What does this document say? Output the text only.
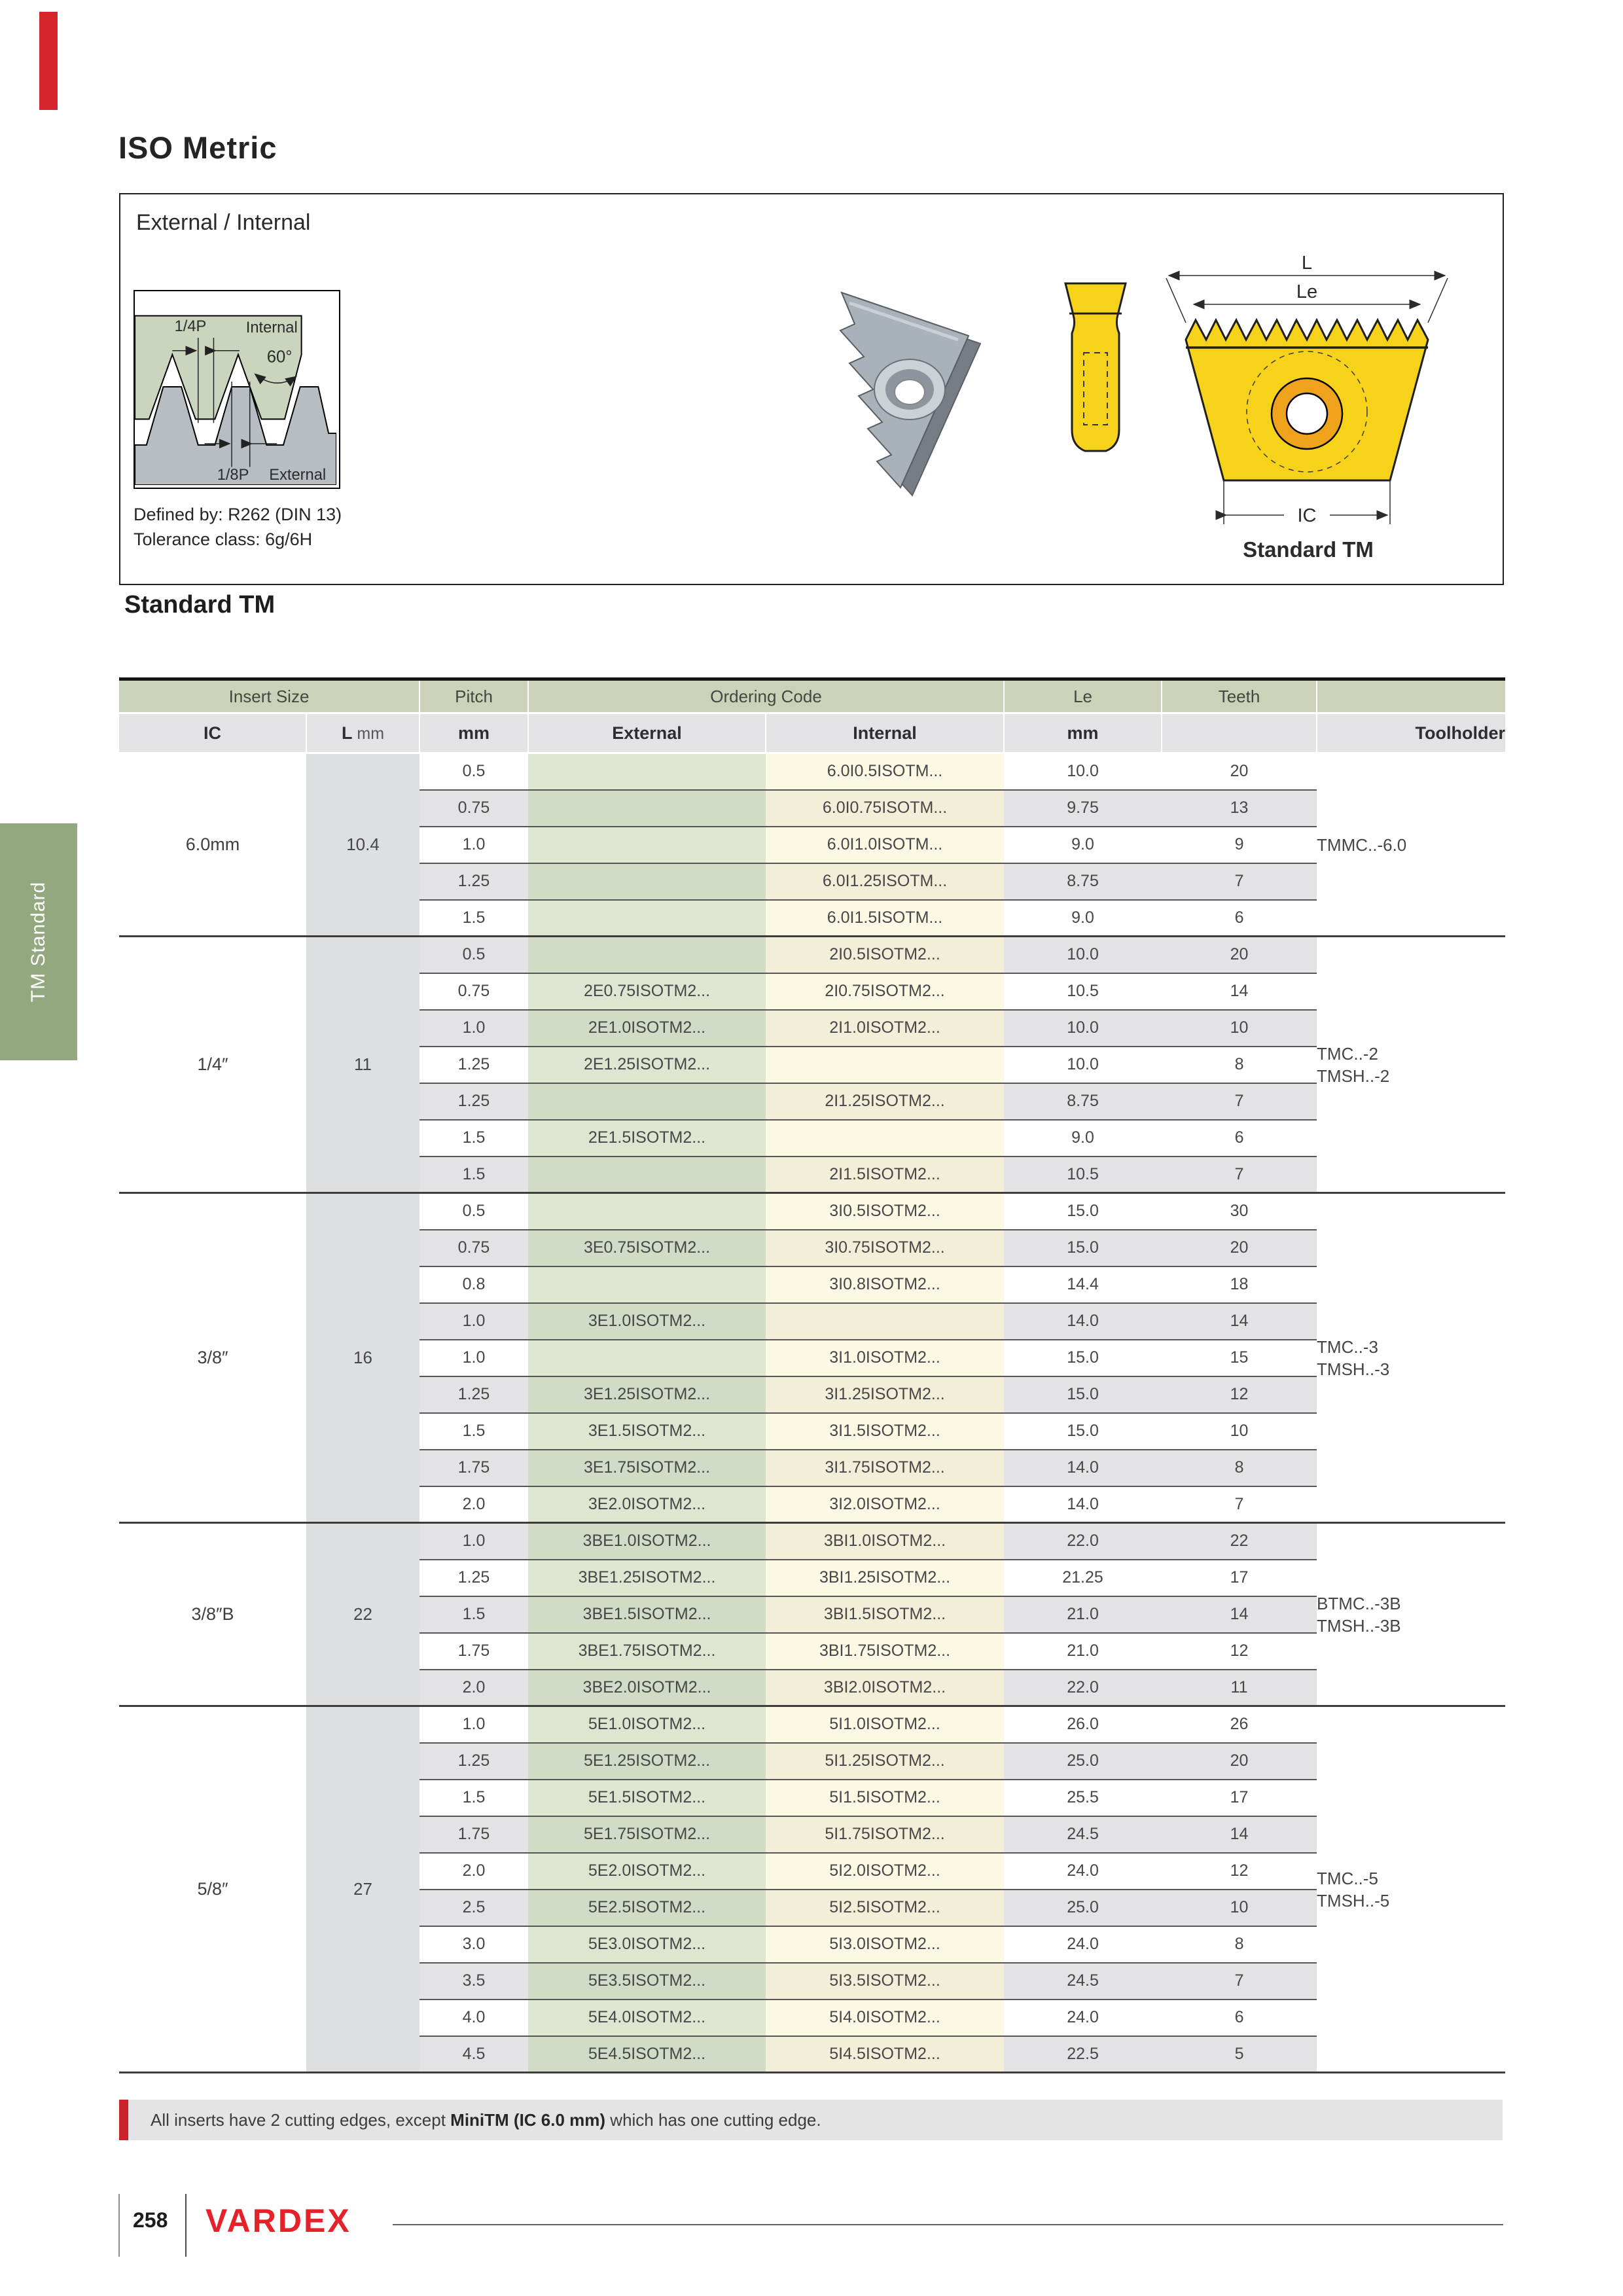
ISO Metric
External / Internal
1/4P	Internal
60°
1/8P External
Defined by: R262 (DIN 13)
Tolerance class: 6g/6H
L
Le
IC
Standard TM
TM Standard
Standard TM
Insert Size		Pitch	Ordering Code		Le	Teeth	
IC	L mm	mm	External	Internal	mm		Toolholder
6.0mm	10.4	0.5		6.0I0.5ISOTM...	10.0	20	TMMC..-6.0

		0.75		6.0I0.75ISOTM...	9.75	13	
		1.0		6.0I1.0ISOTM...	9.0	9	
		1.25		6.0I1.25ISOTM...	8.75	7	
		1.5		6.0I1.5ISOTM...	9.0	6	
1/4″	11	0.5		2I0.5ISOTM2...	10.0	20	TMC..-2
TMSH..-2

		0.75	2E0.75ISOTM2...	2I0.75ISOTM2...	10.5	14	
		1.0	2E1.0ISOTM2...	2I1.0ISOTM2...	10.0	10	
		1.25	2E1.25ISOTM2...		10.0	8	
		1.25		2I1.25ISOTM2...	8.75	7	
		1.5	2E1.5ISOTM2...		9.0	6	
		1.5		2I1.5ISOTM2...	10.5	7	
3/8″	16	0.5		3I0.5ISOTM2...	15.0	30	TMC..-3
TMSH..-3

		0.75	3E0.75ISOTM2...	3I0.75ISOTM2...	15.0	20	
		0.8		3I0.8ISOTM2...	14.4	18	
		1.0	3E1.0ISOTM2...		14.0	14	
		1.0		3I1.0ISOTM2...	15.0	15	
		1.25	3E1.25ISOTM2...	3I1.25ISOTM2...	15.0	12	
		1.5	3E1.5ISOTM2...	3I1.5ISOTM2...	15.0	10	
		1.75	3E1.75ISOTM2...	3I1.75ISOTM2...	14.0	8	
		2.0	3E2.0ISOTM2...	3I2.0ISOTM2...	14.0	7	
3/8″B	22	1.0	3BE1.0ISOTM2...	3BI1.0ISOTM2...	22.0	22	BTMC..-3B
TMSH..-3B

		1.25	3BE1.25ISOTM2...	3BI1.25ISOTM2...	21.25	17	
		1.5	3BE1.5ISOTM2...	3BI1.5ISOTM2...	21.0	14	
		1.75	3BE1.75ISOTM2...	3BI1.75ISOTM2...	21.0	12	
		2.0	3BE2.0ISOTM2...	3BI2.0ISOTM2...	22.0	11	
5/8″	27	1.0	5E1.0ISOTM2...	5I1.0ISOTM2...	26.0	26	TMC..-5
TMSH..-5

		1.25	5E1.25ISOTM2...	5I1.25ISOTM2...	25.0	20	
		1.5	5E1.5ISOTM2...	5I1.5ISOTM2...	25.5	17	
		1.75	5E1.75ISOTM2...	5I1.75ISOTM2...	24.5	14	
		2.0	5E2.0ISOTM2...	5I2.0ISOTM2...	24.0	12	
		2.5	5E2.5ISOTM2...	5I2.5ISOTM2...	25.0	10	
		3.0	5E3.0ISOTM2...	5I3.0ISOTM2...	24.0	8	
		3.5	5E3.5ISOTM2...	5I3.5ISOTM2...	24.5	7	
		4.0	5E4.0ISOTM2...	5I4.0ISOTM2...	24.0	6	
		4.5	5E4.5ISOTM2...	5I4.5ISOTM2...	22.5	5	
All inserts have 2 cutting edges, except MiniTM (IC 6.0 mm) which has one cutting edge.
258 VARDEX
